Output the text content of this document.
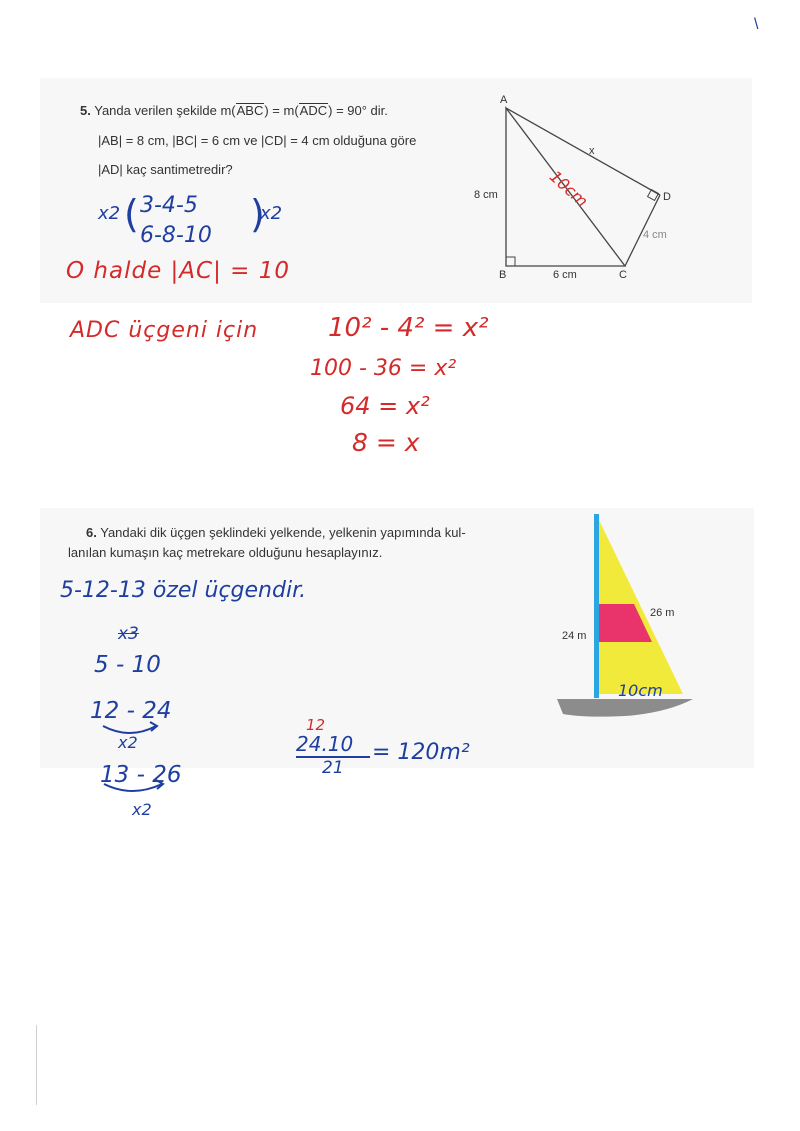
\
5. Yanda verilen şekilde m(ABC) = m(ADC) = 90° dir.
|AB| = 8 cm, |BC| = 6 cm ve |CD| = 4 cm olduğuna göre
|AD| kaç santimetredir?
A
B	C
D
8 cm
6 cm
4 cm
x
10cm
x2 ( 3-4-5
6-8-10 )
x2
O halde |AC| = 10
ADC üçgeni için	10² - 4² = x²
100 - 36 = x²
64 = x²
8 = x
6. Yandaki dik üçgen şeklindeki yelkende, yelkenin yapımında kul-
lanılan kumaşın kaç metrekare olduğunu hesaplayınız.
24 m
26 m
10cm
5-12-13 özel üçgendir.
x3
5 - 10
12 - 24
x2
13 - 26
x2
12
24.10
21
= 120m²
